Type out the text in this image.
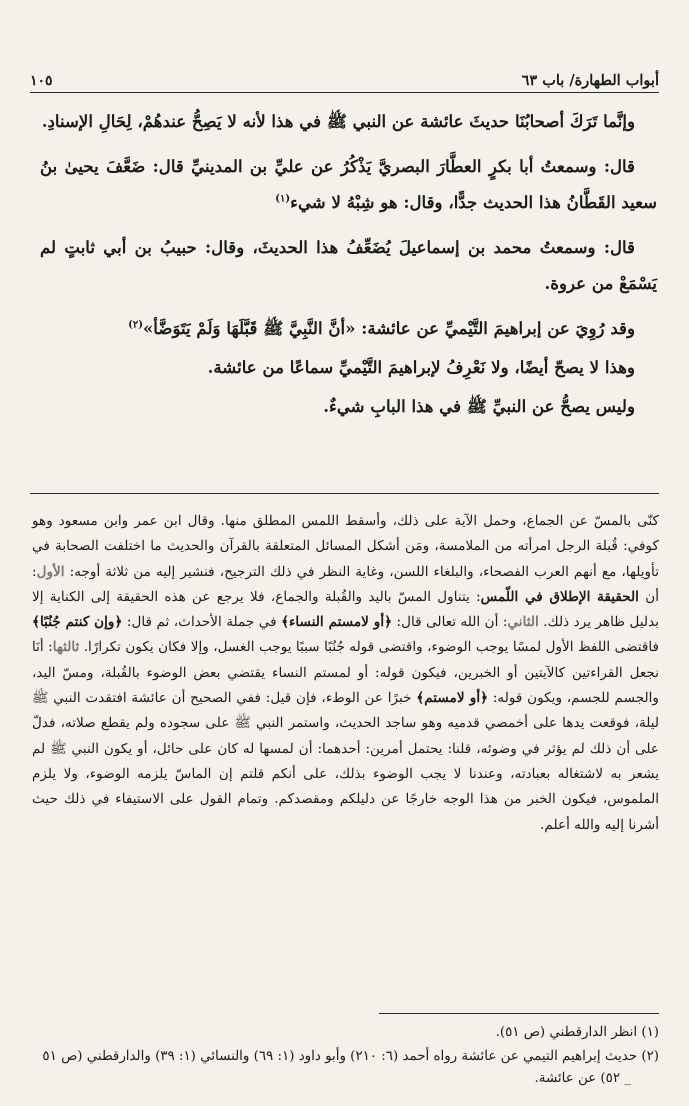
أبواب الطهارة/ باب ٦٣
١٠٥

وإنَّما تَرَكَ أصحابُنَا حديثَ عائشة عن النبي ﷺ في هذا لأنه لا يَصِحُّ عندهُمْ، لِحَالِ الإسنادِ.

قال: وسمعتُ أبا بكرٍ العطَّارَ البصريَّ يَذْكُرُ عن عليِّ بن المدينيِّ قال: ضَعَّفَ يحيىٰ بنُ سعيد القَطَّانُ هذا الحديث جدًّا، وقال: هو شِبْهُ لا شيء$^{(١)}$

قال: وسمعتُ محمد بن إسماعيلَ يُضَعِّفُ هذا الحديثَ، وقال: حبيبُ بن أبي ثابتٍ لم يَسْمَعْ من عروة.

وقد رُوِيَ عن إبراهيمَ التَّيْميِّ عن عائشة: «أنَّ النَّبِيَّ ﷺ قَبَّلَهَا وَلَمْ يَتَوَضَّأ»$^{(٢)}$

وهذا لا يصحّ أيضًا، ولا نَعْرِفُ لإبراهيمَ التَّيْميِّ سماعًا من عائشة.

وليس يصحُّ عن النبيِّ ﷺ في هذا البابِ شيءٌ.

كنّى بالمسّ عن الجماع، وحمل الآية على ذلك، وأسقط اللمس المطلق منها. وقال ابن عمر وابن مسعود وهو كوفي: قُبلة الرجل امرأته من الملامسة، ومَن أشكل المسائل المتعلقة بالقرآن والحديث ما اختلفت الصحابة في تأويلها، مع أنهم العرب الفصحاء، والبلغاء اللسن، وغاية النظر في ذلك الترجيح، فنشير إليه من ثلاثة أوجه: الأول: أن الحقيقة الإطلاق في اللّمس: يتناول المسّ باليد والقُبلة والجماع، فلا يرجع عن هذه الحقيقة إلى الكناية إلا بدليل ظاهر يرد ذلك. الثاني: أن الله تعالى قال: ﴿أو لامستم النساء﴾ في جملة الأحداث، ثم قال: ﴿وإن كنتم جُنُبًا﴾ فاقتضى اللفظ الأول لمسًا يوجب الوضوء، واقتضى قوله جُنُبًا سببًا يوجب الغسل، وإلا فكان يكون تكرارًا. ثالثها: أنَا نجعل القراءتين كالآيتين أو الخبرين، فيكون قوله: أو لمستم النساء يقتضي بعض الوضوء بالقُبلة، ومسّ اليد، والجسم للجسم، ويكون قوله: ﴿أو لامستم﴾ خبرًا عن الوطء، فإن قيل: ففي الصحيح أن عائشة افتقدت النبي ﷺ ليلة، فوقعت يدها على أخمصي قدميه وهو ساجد الحديث، واستمر النبي ﷺ على سجوده ولم يقطع صلاته، فدلّ على أن ذلك لم يؤثر في وضوئه، قلنا: يحتمل أمرين: أحدهما: أن لمسها له كان على حائل، أو يكون النبي ﷺ لم يشعر به لاشتغاله بعبادته، وعندنا لا يجب الوضوء بذلك، على أنكم قلتم إن الماسّ يلزمه الوضوء، ولا يلزم الملموس، فيكون الخبر من هذا الوجه خارجًا عن دليلكم ومقصدكم. وتمام القول على الاستيفاء في ذلك حيث أشرنا إليه والله أعلم.

(١) انظر الدارقطني (ص ٥١).

(٢) حديث إبراهيم التيمي عن عائشة رواه أحمد (٦: ٢١٠) وأبو داود (١: ٦٩) والنسائي (١: ٣٩) والدارقطني (ص ٥١ _ ٥٢) عن عائشة.
